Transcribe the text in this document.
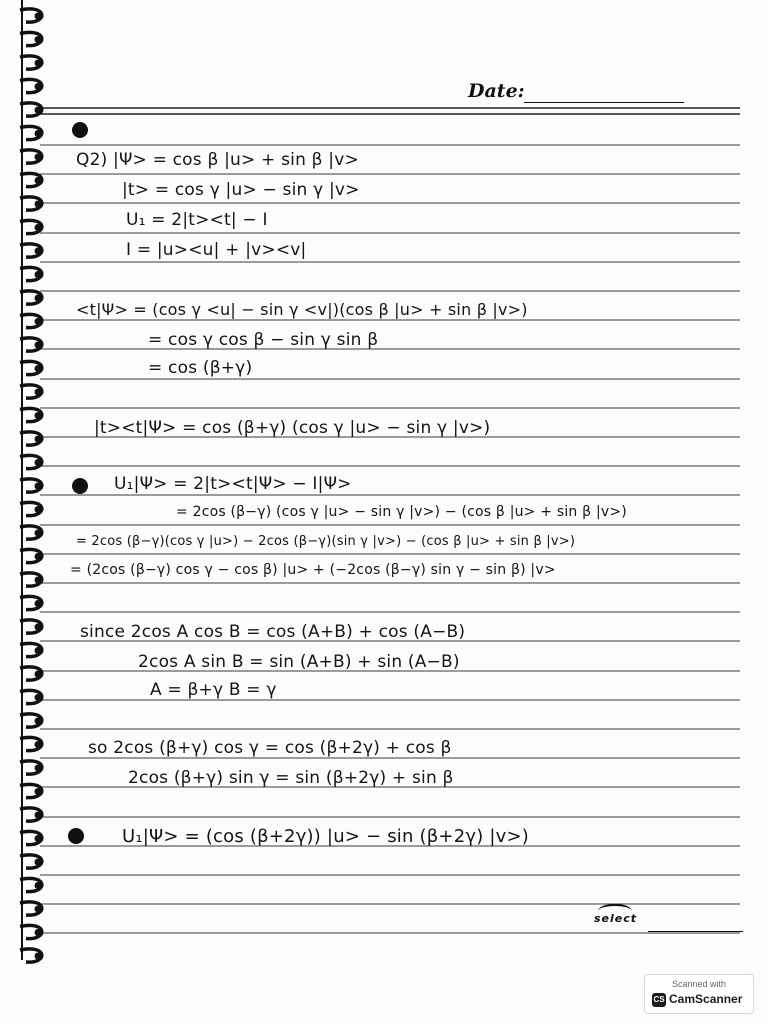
Date:
Q2) |Ψ> = cos β |u> + sin β |v>
|t> = cos γ |u> − sin γ |v>
U₁ = 2|t><t| − I
I = |u><u| + |v><v|
<t|Ψ> = (cos γ <u| − sin γ <v|)(cos β |u> + sin β |v>)
= cos γ cos β − sin γ sin β
= cos (β+γ)
|t><t|Ψ> = cos (β+γ) (cos γ |u> − sin γ |v>)
U₁|Ψ> = 2|t><t|Ψ> − I|Ψ>
= 2cos (β−γ) (cos γ |u> − sin γ |v>) − (cos β |u> + sin β |v>)
= 2cos (β−γ)(cos γ |u>) − 2cos (β−γ)(sin γ |v>) − (cos β |u> + sin β |v>)
= (2cos (β−γ) cos γ − cos β) |u> + (−2cos (β−γ) sin γ − sin β) |v>
since 2cos A cos B = cos (A+B) + cos (A−B)
2cos A sin B = sin (A+B) + sin (A−B)
A = β+γ B = γ
so 2cos (β+γ) cos γ = cos (β+2γ) + cos β
2cos (β+γ) sin γ = sin (β+2γ) + sin β
U₁|Ψ> = (cos (β+2γ)) |u> − sin (β+2γ) |v>)
select
Scanned with
CS CamScanner
